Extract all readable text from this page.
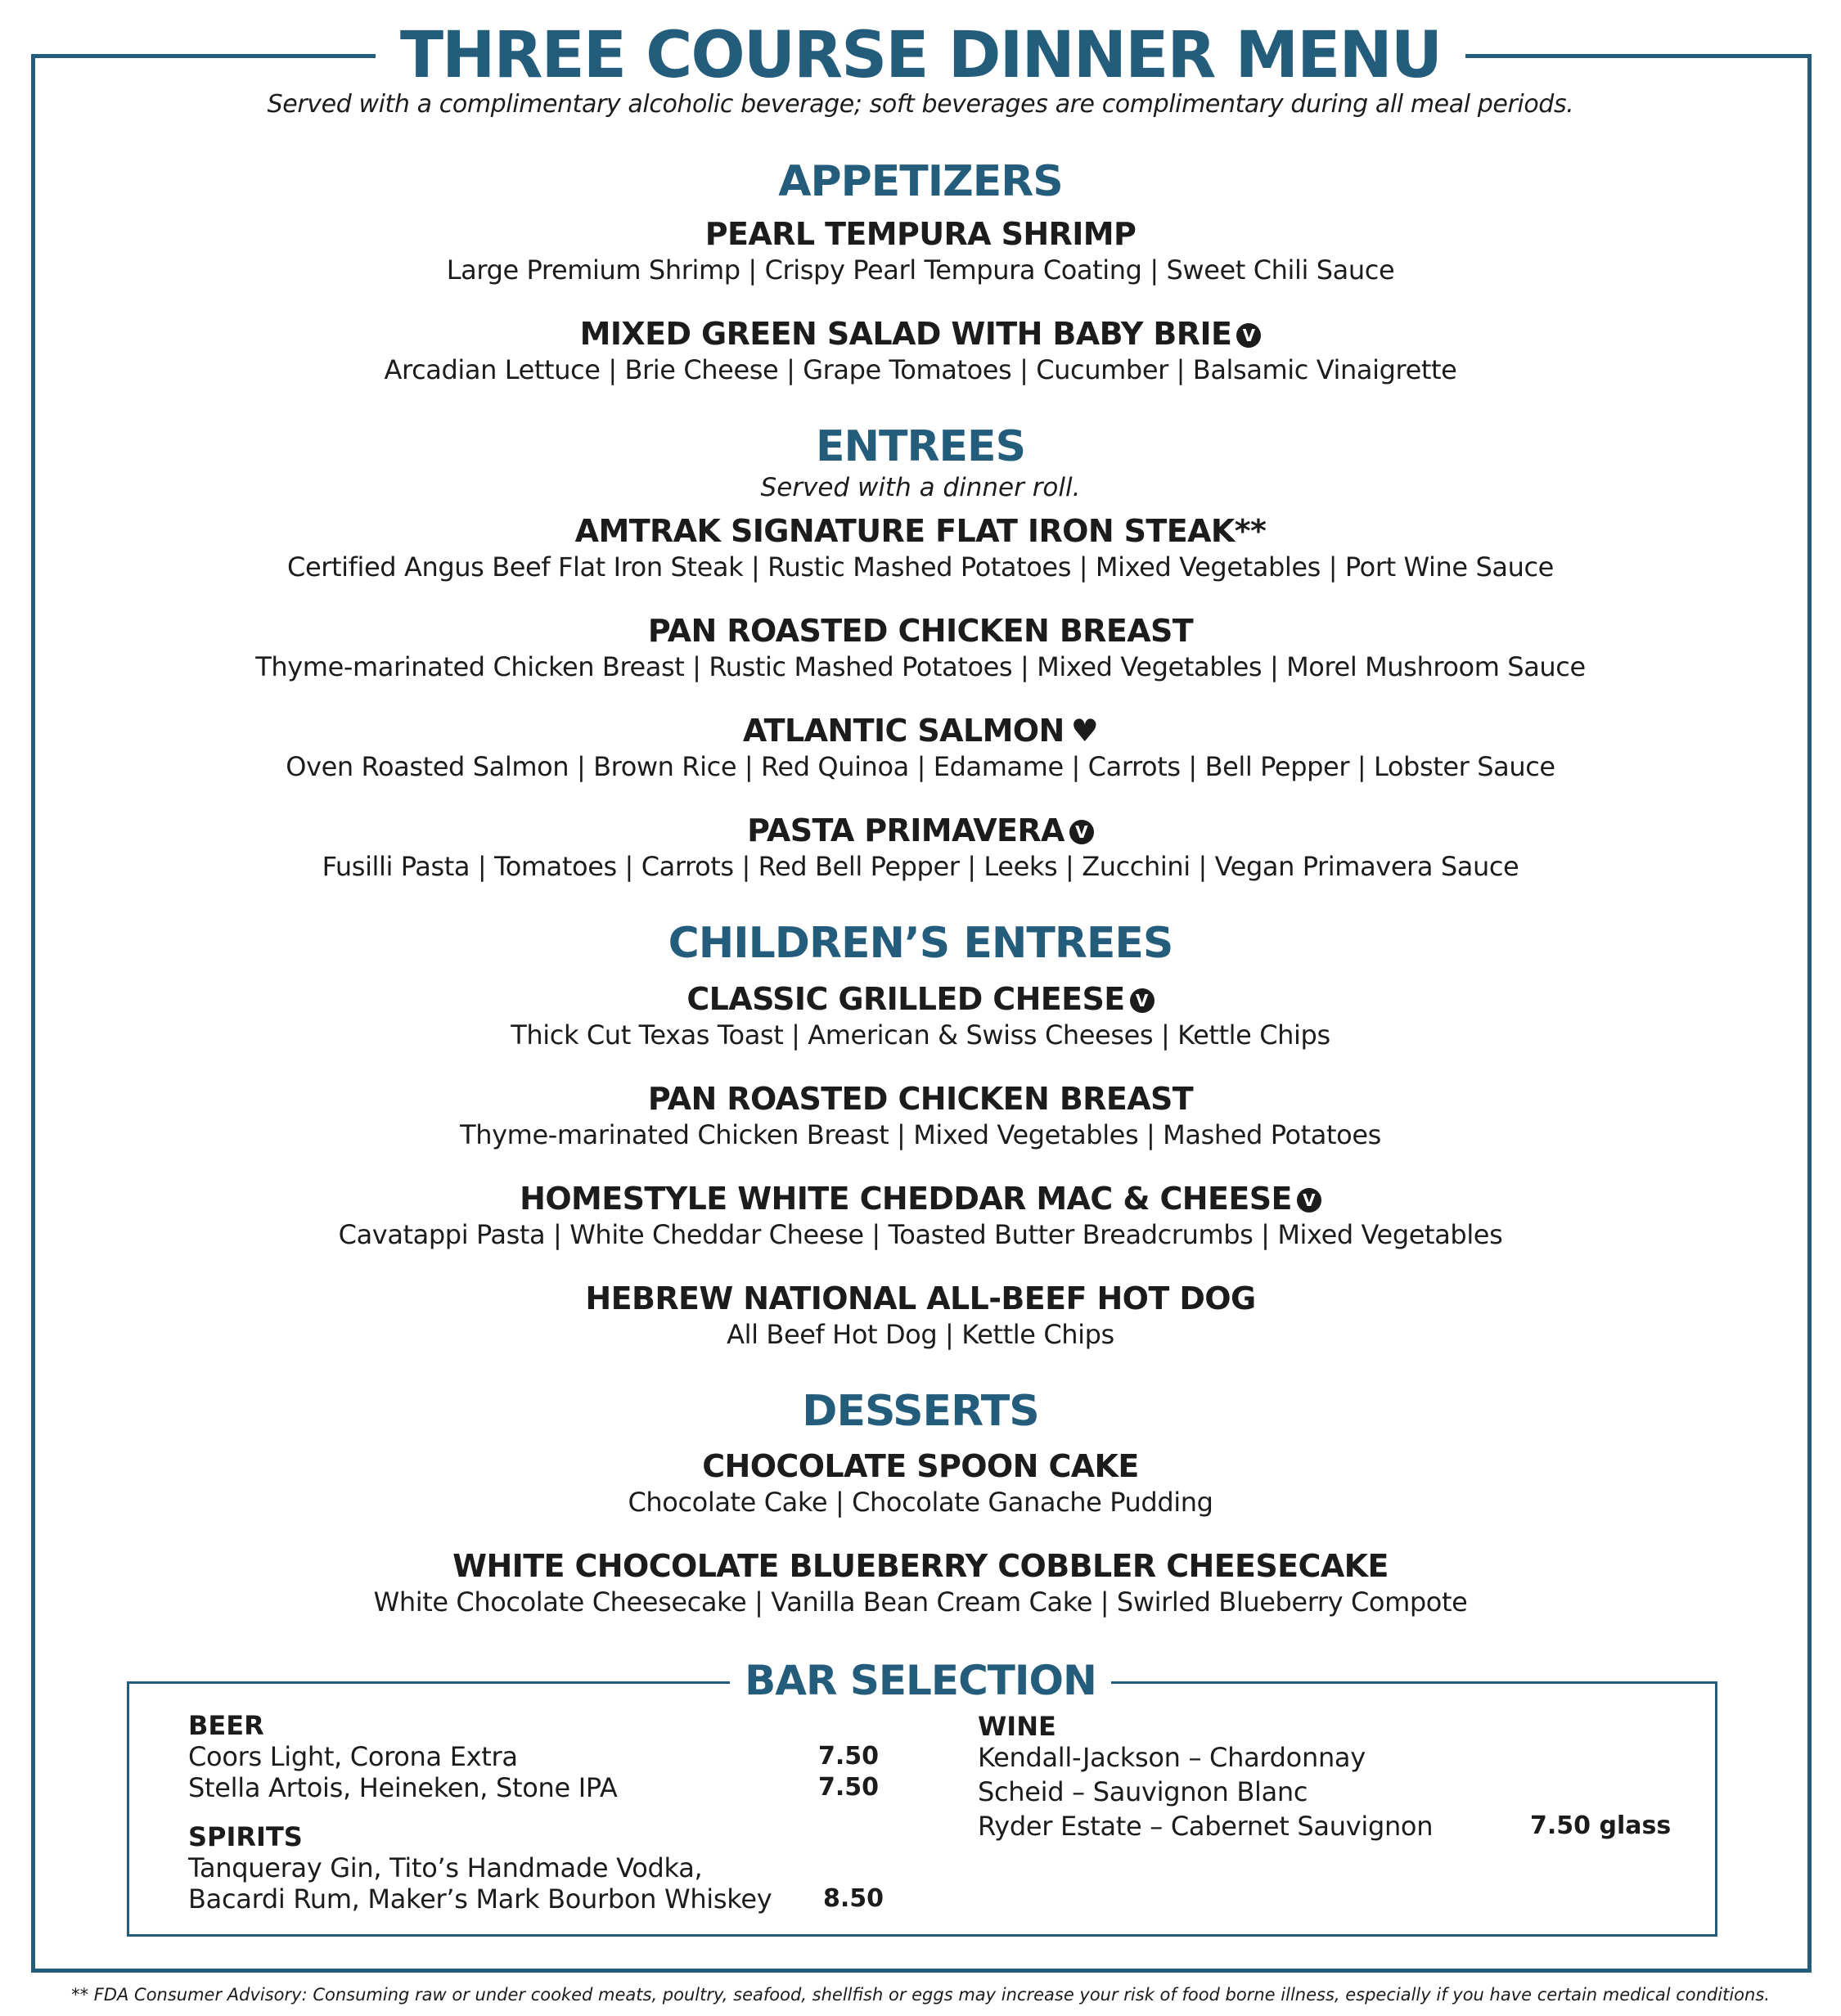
THREE COURSE DINNER MENU
Served with a complimentary alcoholic beverage; soft beverages are complimentary during all meal periods.
APPETIZERS
PEARL TEMPURA SHRIMP
Large Premium Shrimp | Crispy Pearl Tempura Coating | Sweet Chili Sauce
MIXED GREEN SALAD WITH BABY BRIE V
Arcadian Lettuce | Brie Cheese | Grape Tomatoes | Cucumber | Balsamic Vinaigrette
ENTREES
Served with a dinner roll.
AMTRAK SIGNATURE FLAT IRON STEAK**
Certified Angus Beef Flat Iron Steak | Rustic Mashed Potatoes | Mixed Vegetables | Port Wine Sauce
PAN ROASTED CHICKEN BREAST
Thyme-marinated Chicken Breast | Rustic Mashed Potatoes | Mixed Vegetables | Morel Mushroom Sauce
ATLANTIC SALMON ♥
Oven Roasted Salmon | Brown Rice | Red Quinoa | Edamame | Carrots | Bell Pepper | Lobster Sauce
PASTA PRIMAVERA V
Fusilli Pasta | Tomatoes | Carrots | Red Bell Pepper | Leeks | Zucchini | Vegan Primavera Sauce
CHILDREN’S ENTREES
CLASSIC GRILLED CHEESE V
Thick Cut Texas Toast | American & Swiss Cheeses | Kettle Chips
PAN ROASTED CHICKEN BREAST
Thyme-marinated Chicken Breast | Mixed Vegetables | Mashed Potatoes
HOMESTYLE WHITE CHEDDAR MAC & CHEESE V
Cavatappi Pasta | White Cheddar Cheese | Toasted Butter Breadcrumbs | Mixed Vegetables
HEBREW NATIONAL ALL-BEEF HOT DOG
All Beef Hot Dog | Kettle Chips
DESSERTS
CHOCOLATE SPOON CAKE
Chocolate Cake | Chocolate Ganache Pudding
WHITE CHOCOLATE BLUEBERRY COBBLER CHEESECAKE
White Chocolate Cheesecake | Vanilla Bean Cream Cake | Swirled Blueberry Compote
BAR SELECTION
BEER
Coors Light, Corona Extra	7.50
Stella Artois, Heineken, Stone IPA	7.50
SPIRITS
Tanqueray Gin, Tito’s Handmade Vodka,
Bacardi Rum, Maker’s Mark Bourbon Whiskey 8.50
WINE
Kendall-Jackson – Chardonnay
Scheid – Sauvignon Blanc
Ryder Estate – Cabernet Sauvignon	7.50 glass
** FDA Consumer Advisory: Consuming raw or under cooked meats, poultry, seafood, shellfish or eggs may increase your risk of food borne illness, especially if you have certain medical conditions.
